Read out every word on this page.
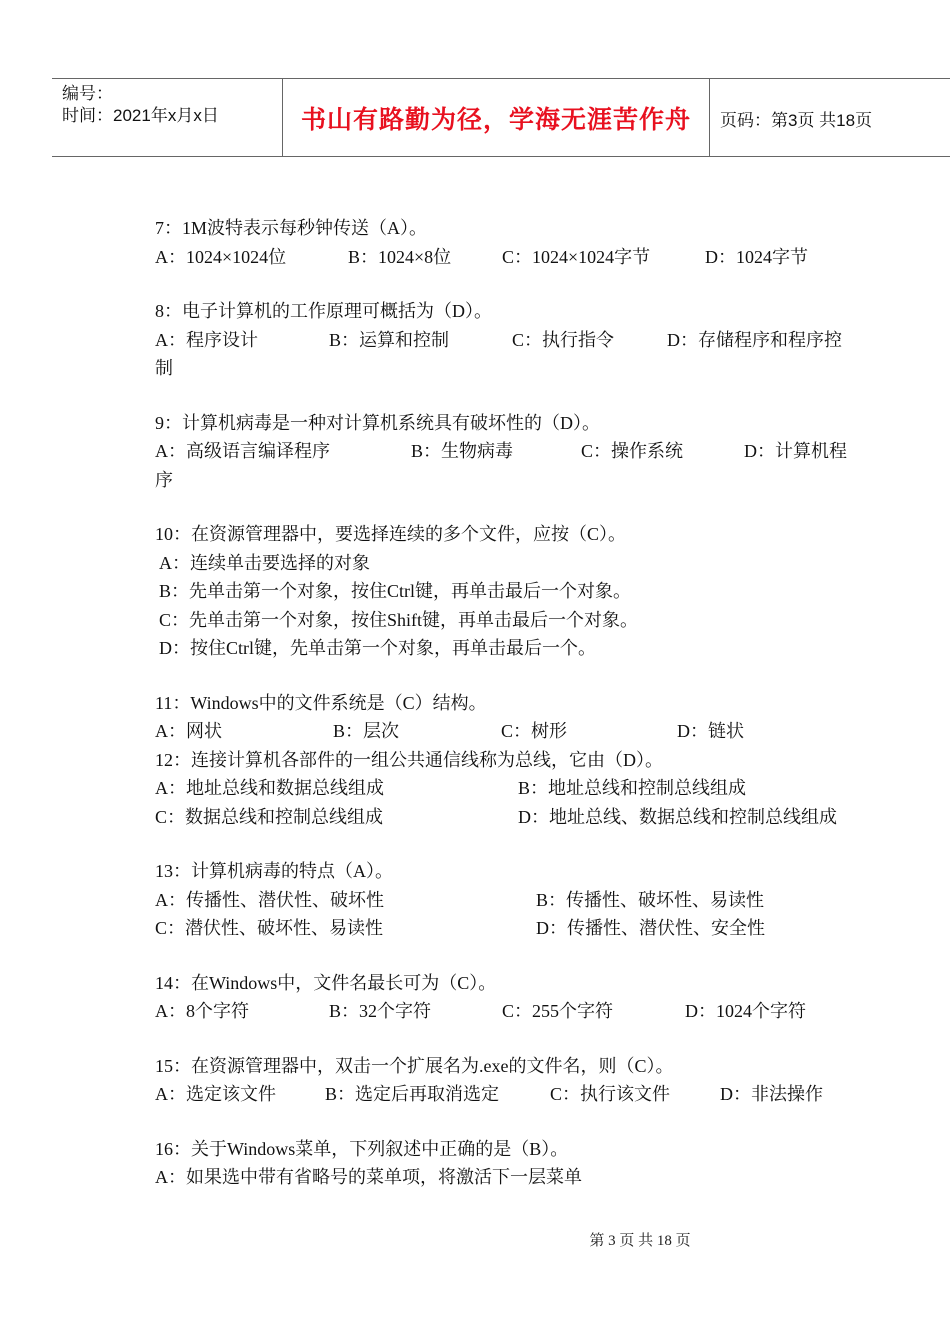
编号：
时间：2021年x月x日	书山有路勤为径，学海无涯苦作舟	页码：第3页 共18页
7：1M波特表示每秒钟传送（A）。
A：1024×1024位	B：1024×8位	C：1024×1024字节	D：1024字节
8：电子计算机的工作原理可概括为（D）。
A：程序设计	B：运算和控制	C：执行指令	D：存储程序和程序控
制
9：计算机病毒是一种对计算机系统具有破坏性的（D）。
A：高级语言编译程序	B：生物病毒	C：操作系统	D：计算机程
序
10：在资源管理器中，要选择连续的多个文件，应按（C）。
A：连续单击要选择的对象
B：先单击第一个对象，按住Ctrl键，再单击最后一个对象。
C：先单击第一个对象，按住Shift键，再单击最后一个对象。
D：按住Ctrl键，先单击第一个对象，再单击最后一个。
11：Windows中的文件系统是（C）结构。
A：网状	B：层次	C：树形	D：链状
12：连接计算机各部件的一组公共通信线称为总线，它由（D）。
A：地址总线和数据总线组成	B：地址总线和控制总线组成
C：数据总线和控制总线组成	D：地址总线、数据总线和控制总线组成
13：计算机病毒的特点（A）。
A：传播性、潜伏性、破坏性	B：传播性、破坏性、易读性
C：潜伏性、破坏性、易读性	D：传播性、潜伏性、安全性
14：在Windows中，文件名最长可为（C）。
A：8个字符	B：32个字符	C：255个字符	D：1024个字符
15：在资源管理器中，双击一个扩展名为.exe的文件名，则（C）。
A：选定该文件	B：选定后再取消选定	C：执行该文件	D：非法操作
16：关于Windows菜单，下列叙述中正确的是（B）。
A：如果选中带有省略号的菜单项，将激活下一层菜单
第 3 页 共 18 页
